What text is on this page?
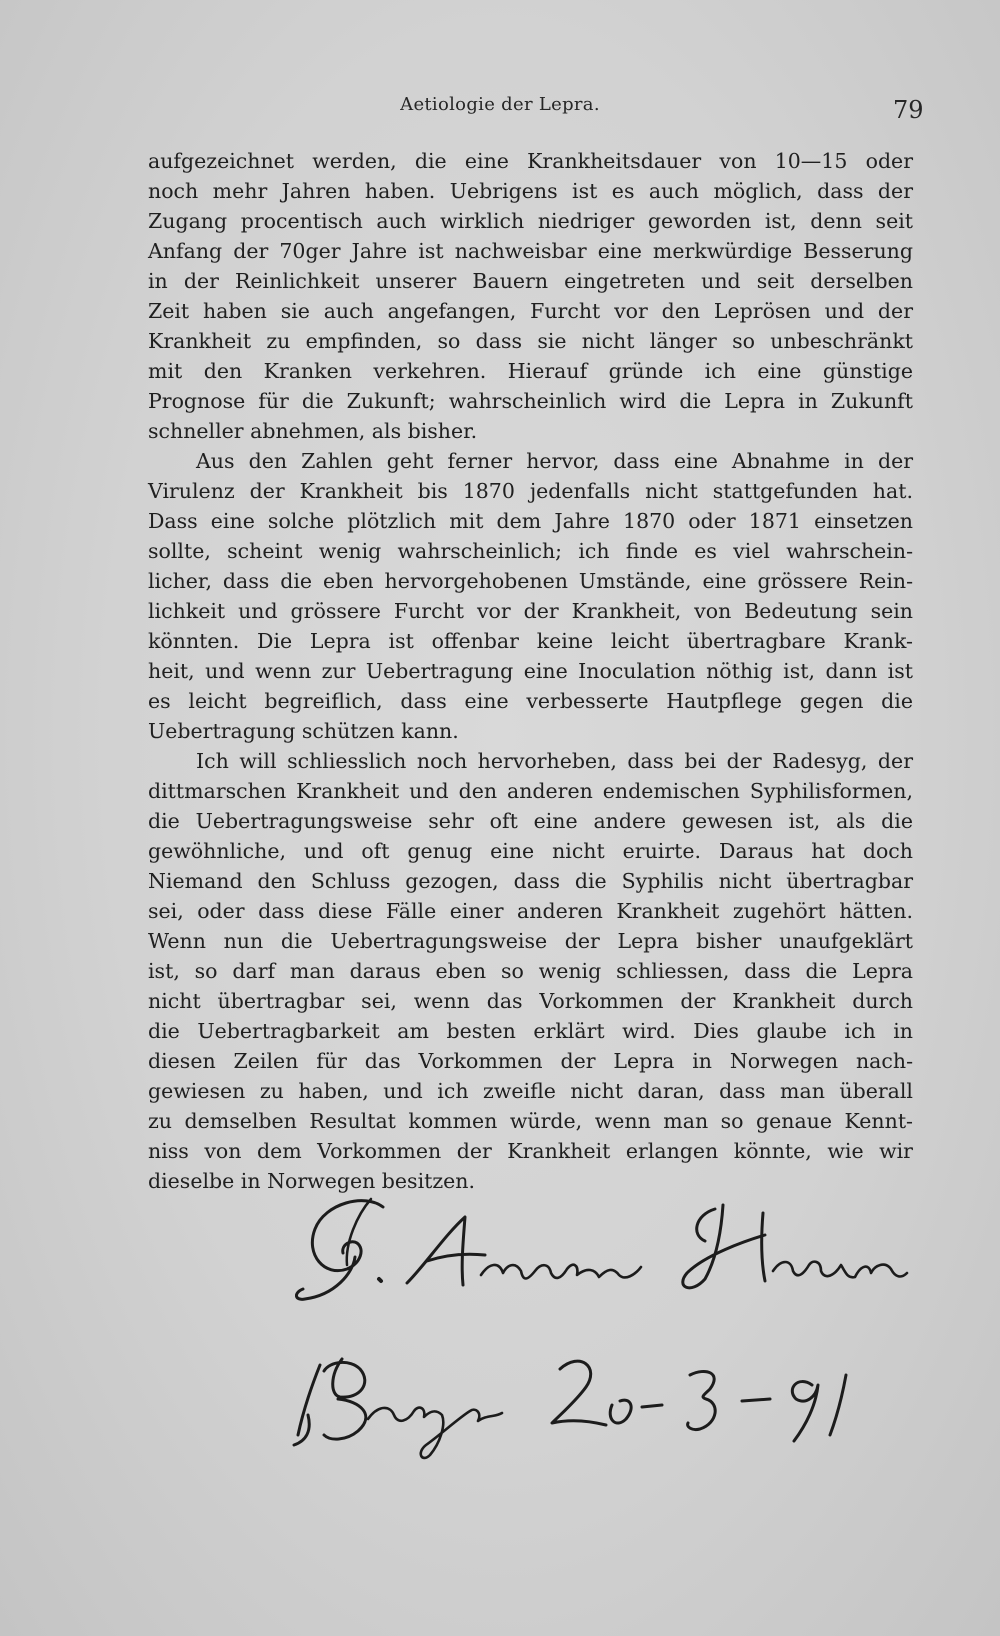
Aetiologie der Lepra.	79
aufgezeichnet werden, die eine Krankheitsdauer von 10—15 oder
noch mehr Jahren haben. Uebrigens ist es auch möglich, dass der
Zugang procentisch auch wirklich niedriger geworden ist, denn seit
Anfang der 70ger Jahre ist nachweisbar eine merkwürdige Besserung
in der Reinlichkeit unserer Bauern eingetreten und seit derselben
Zeit haben sie auch angefangen, Furcht vor den Leprösen und der
Krankheit zu empfinden, so dass sie nicht länger so unbeschränkt
mit den Kranken verkehren. Hierauf gründe ich eine günstige
Prognose für die Zukunft; wahrscheinlich wird die Lepra in Zukunft
schneller abnehmen, als bisher.
Aus den Zahlen geht ferner hervor, dass eine Abnahme in der
Virulenz der Krankheit bis 1870 jedenfalls nicht stattgefunden hat.
Dass eine solche plötzlich mit dem Jahre 1870 oder 1871 einsetzen
sollte, scheint wenig wahrscheinlich; ich finde es viel wahrschein-
licher, dass die eben hervorgehobenen Umstände, eine grössere Rein-
lichkeit und grössere Furcht vor der Krankheit, von Bedeutung sein
könnten. Die Lepra ist offenbar keine leicht übertragbare Krank-
heit, und wenn zur Uebertragung eine Inoculation nöthig ist, dann ist
es leicht begreiflich, dass eine verbesserte Hautpflege gegen die
Uebertragung schützen kann.
Ich will schliesslich noch hervorheben, dass bei der Radesyg, der
dittmarschen Krankheit und den anderen endemischen Syphilisformen,
die Uebertragungsweise sehr oft eine andere gewesen ist, als die
gewöhnliche, und oft genug eine nicht eruirte. Daraus hat doch
Niemand den Schluss gezogen, dass die Syphilis nicht übertragbar
sei, oder dass diese Fälle einer anderen Krankheit zugehört hätten.
Wenn nun die Uebertragungsweise der Lepra bisher unaufgeklärt
ist, so darf man daraus eben so wenig schliessen, dass die Lepra
nicht übertragbar sei, wenn das Vorkommen der Krankheit durch
die Uebertragbarkeit am besten erklärt wird. Dies glaube ich in
diesen Zeilen für das Vorkommen der Lepra in Norwegen nach-
gewiesen zu haben, und ich zweifle nicht daran, dass man überall
zu demselben Resultat kommen würde, wenn man so genaue Kennt-
niss von dem Vorkommen der Krankheit erlangen könnte, wie wir
dieselbe in Norwegen besitzen.
